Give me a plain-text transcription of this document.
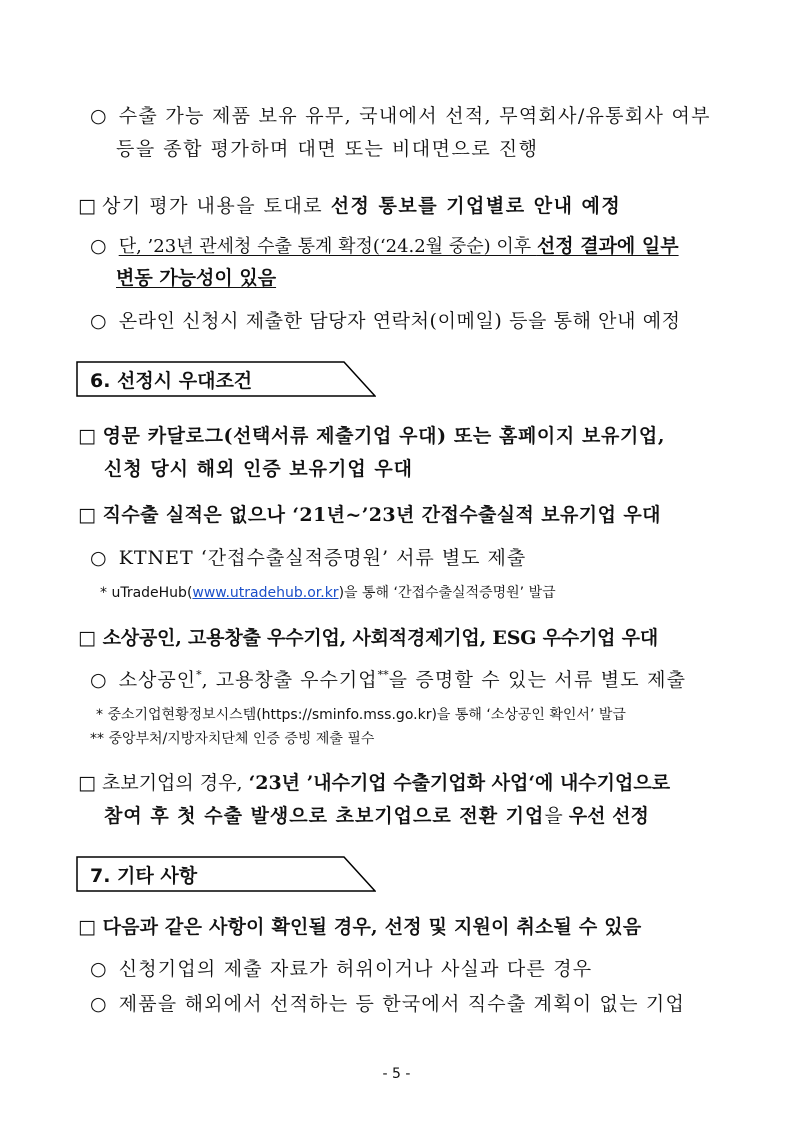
○ 수출 가능 제품 보유 유무, 국내에서 선적, 무역회사/유통회사 여부
등을 종합 평가하며 대면 또는 비대면으로 진행
□ 상기 평가 내용을 토대로 선정 통보를 기업별로 안내 예정
○ 단, ’23년 관세청 수출 통계 확정(‘24.2월 중순) 이후 선정 결과에 일부
변동 가능성이 있음
○ 온라인 신청시 제출한 담당자 연락처(이메일) 등을 통해 안내 예정
6. 선정시 우대조건
□ 영문 카달로그(선택서류 제출기업 우대) 또는 홈페이지 보유기업,
신청 당시 해외 인증 보유기업 우대
□ 직수출 실적은 없으나 ‘21년~’23년 간접수출실적 보유기업 우대
○ KTNET ‘간접수출실적증명원’ 서류 별도 제출
* uTradeHub(www.utradehub.or.kr)을 통해 ‘간접수출실적증명원’ 발급
□ 소상공인, 고용창출 우수기업, 사회적경제기업, ESG 우수기업 우대
○ 소상공인*, 고용창출 우수기업**을 증명할 수 있는 서류 별도 제출
* 중소기업현황정보시스템(https://sminfo.mss.go.kr)을 통해 ‘소상공인 확인서’ 발급
** 중앙부처/지방자치단체 인증 증빙 제출 필수
□ 초보기업의 경우, ‘23년 ’내수기업 수출기업화 사업‘에 내수기업으로
참여 후 첫 수출 발생으로 초보기업으로 전환 기업을 우선 선정
7. 기타 사항
□ 다음과 같은 사항이 확인될 경우, 선정 및 지원이 취소될 수 있음
○ 신청기업의 제출 자료가 허위이거나 사실과 다른 경우
○ 제품을 해외에서 선적하는 등 한국에서 직수출 계획이 없는 기업
- 5 -
